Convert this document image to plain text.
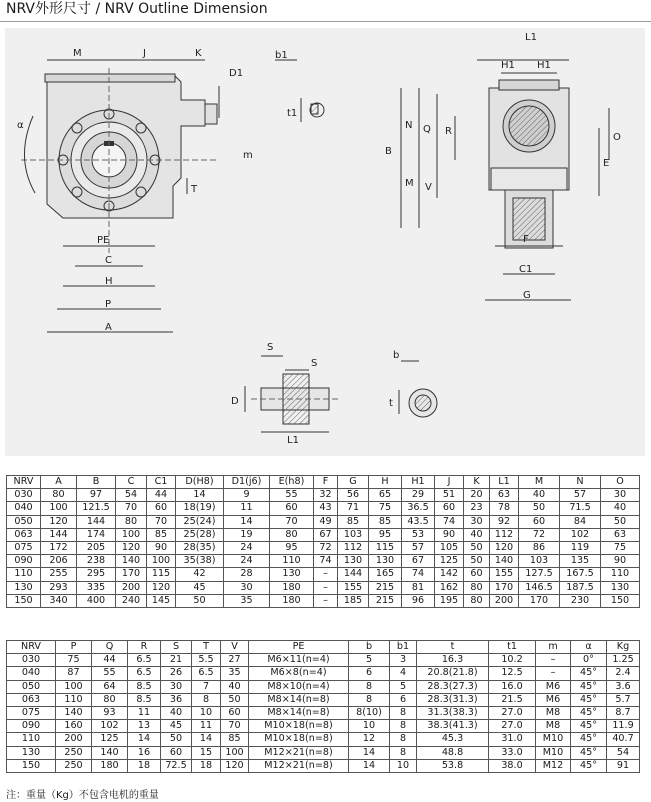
NRV外形尺寸 / NRV Outline Dimension
M	J	K
D1
b1
t1
α
m
T
PE
C
H
P
A
L1
H1 H1
B
N Q R
O
E
M V
F
C1
G
S
S
D
L1
b
t
NRV	A	B	C	C1	D(H8)	D1(j6)	E(h8)	F	G	H	H1	J	K	L1	M	N	O
030	80	97	54	44	14	9	55	32	56	65	29	51	20	63	40	57	30
040	100	121.5	70	60	18(19)	11	60	43	71	75	36.5	60	23	78	50	71.5	40
050	120	144	80	70	25(24)	14	70	49	85	85	43.5	74	30	92	60	84	50
063	144	174	100	85	25(28)	19	80	67	103	95	53	90	40	112	72	102	63
075	172	205	120	90	28(35)	24	95	72	112	115	57	105	50	120	86	119	75
090	206	238	140	100	35(38)	24	110	74	130	130	67	125	50	140	103	135	90
110	255	295	170	115	42	28	130	–	144	165	74	142	60	155	127.5	167.5	110
130	293	335	200	120	45	30	180	–	155	215	81	162	80	170	146.5	187.5	130
150	340	400	240	145	50	35	180	–	185	215	96	195	80	200	170	230	150
NRV	P	Q	R	S	T	V	PE	b	b1	t	t1	m	α	Kg
030	75	44	6.5	21	5.5	27	M6×11(n=4)	5	3	16.3	10.2	–	0°	1.25
040	87	55	6.5	26	6.5	35	M6×8(n=4)	6	4	20.8(21.8)	12.5	–	45°	2.4
050	100	64	8.5	30	7	40	M8×10(n=4)	8	5	28.3(27.3)	16.0	M6	45°	3.6
063	110	80	8.5	36	8	50	M8×14(n=8)	8	6	28.3(31.3)	21.5	M6	45°	5.7
075	140	93	11	40	10	60	M8×14(n=8)	8(10)	8	31.3(38.3)	27.0	M8	45°	8.7
090	160	102	13	45	11	70	M10×18(n=8)	10	8	38.3(41.3)	27.0	M8	45°	11.9
110	200	125	14	50	14	85	M10×18(n=8)	12	8	45.3	31.0	M10	45°	40.7
130	250	140	16	60	15	100	M12×21(n=8)	14	8	48.8	33.0	M10	45°	54
150	250	180	18	72.5	18	120	M12×21(n=8)	14	10	53.8	38.0	M12	45°	91
注：重量（Kg）不包含电机的重量
